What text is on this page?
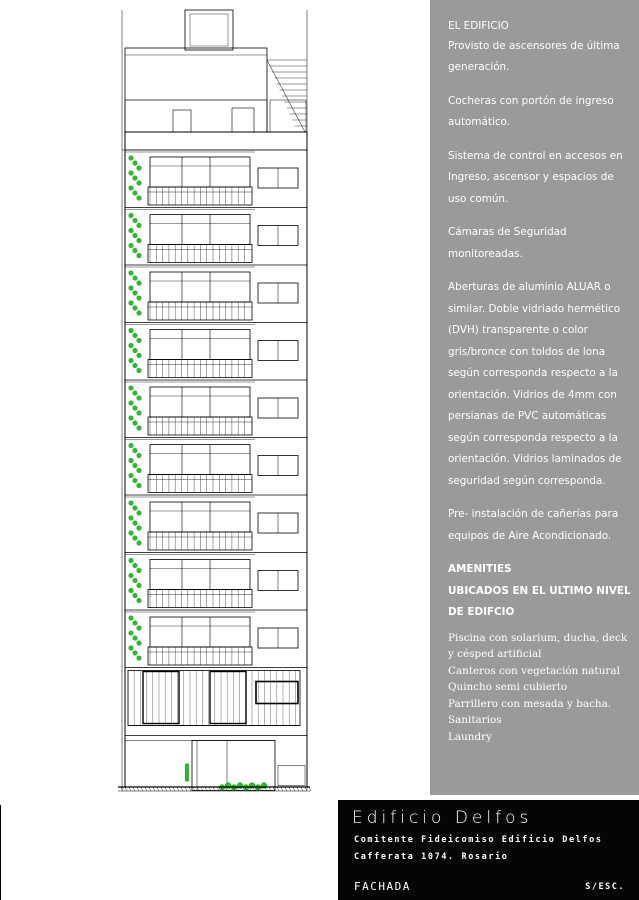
EL EDIFICIO

Provisto de ascensores de última generación.

Cocheras con portón de ingreso automático.

Sistema de control en accesos en Ingreso, ascensor y espacios de uso común.

Cámaras de Seguridad monitoreadas.

Aberturas de aluminio ALUAR o similar. Doble vidriado hermético (DVH) transparente o color gris/bronce con toldos de lona según corresponda respecto a la orientación. Vidrios de 4mm con persianas de PVC automáticas según corresponda respecto a la orientación. Vidrios laminados de seguridad según corresponda.

Pre- instalación de cañerías para equipos de Aire Acondicionado.

AMENITIES
UBICADOS EN EL ULTIMO NIVEL DE EDIFCIO
Piscina con solarium, ducha, deck y césped artificial
Canteros con vegetación natural
Quincho semi cubierto
Parrillero con mesada y bacha.
Sanitarios
Laundry
Edificio Delfos
Comitente Fideicomiso Edificio Delfos
Cafferata 1074. Rosario
FACHADA	S/ESC.
